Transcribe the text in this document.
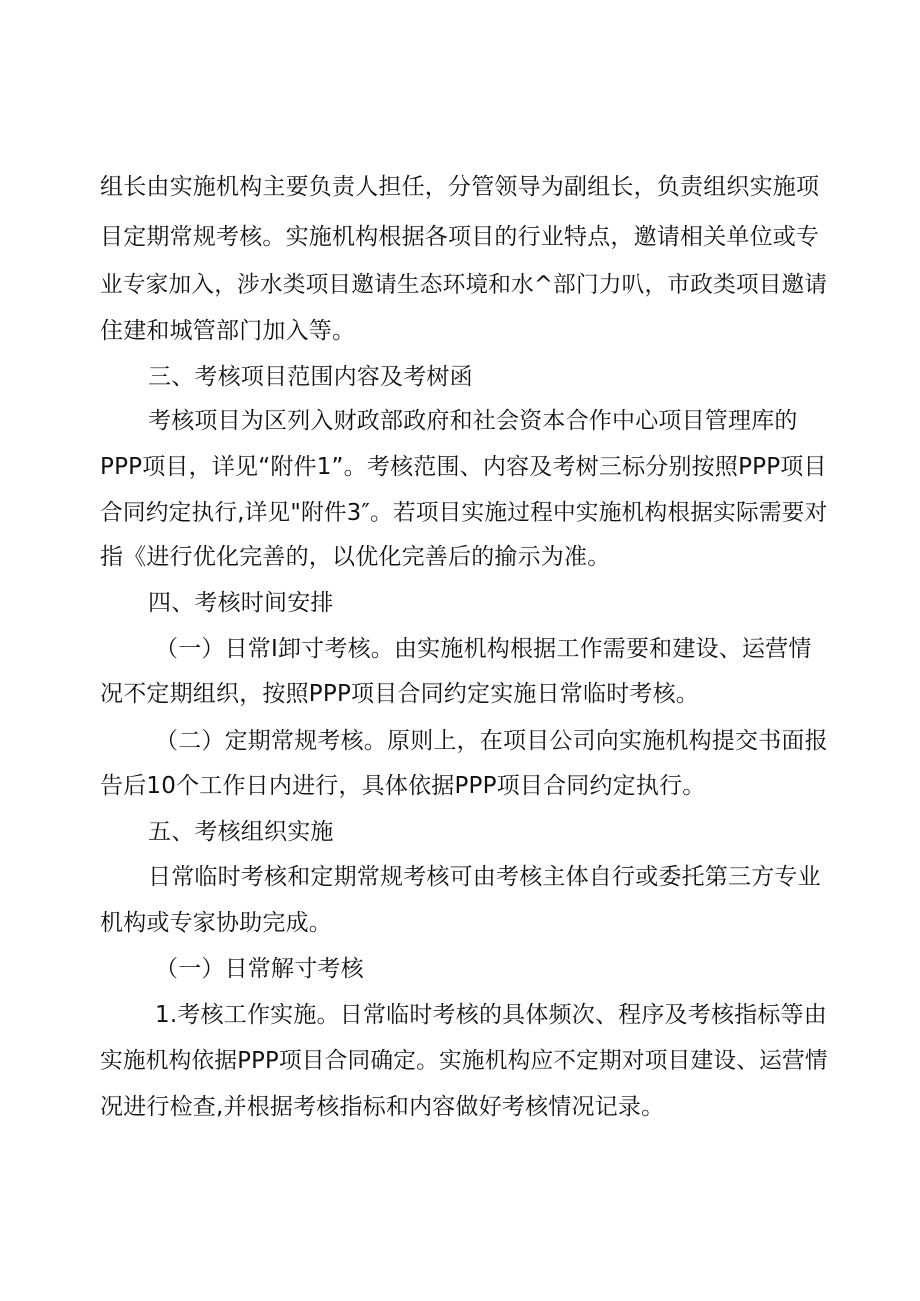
组长由实施机构主要负责人担任，分管领导为副组长，负责组织实施项
目定期常规考核。实施机构根据各项目的行业特点，邀请相关单位或专
业专家加入，涉水类项目邀请生态环境和水^部门力叭，市政类项目邀请
住建和城管部门加入等。
三、考核项目范围内容及考树函
考核项目为区列入财政部政府和社会资本合作中心项目管理库的
PPP项目，详见“附件1”。考核范围、内容及考树三标分别按照PPP项目
合同约定执行,详见"附件3″。若项目实施过程中实施机构根据实际需要对
指《进行优化完善的，以优化完善后的揄示为准。
四、考核时间安排
（一）日常I卸寸考核。由实施机构根据工作需要和建设、运营情
况不定期组织，按照PPP项目合同约定实施日常临时考核。
（二）定期常规考核。原则上，在项目公司向实施机构提交书面报
告后10个工作日内进行，具体依据PPP项目合同约定执行。
五、考核组织实施
日常临时考核和定期常规考核可由考核主体自行或委托第三方专业
机构或专家协助完成。
（一）日常解寸考核
1.考核工作实施。日常临时考核的具体频次、程序及考核指标等由
实施机构依据PPP项目合同确定。实施机构应不定期对项目建设、运营情
况进行检查,并根据考核指标和内容做好考核情况记录。
